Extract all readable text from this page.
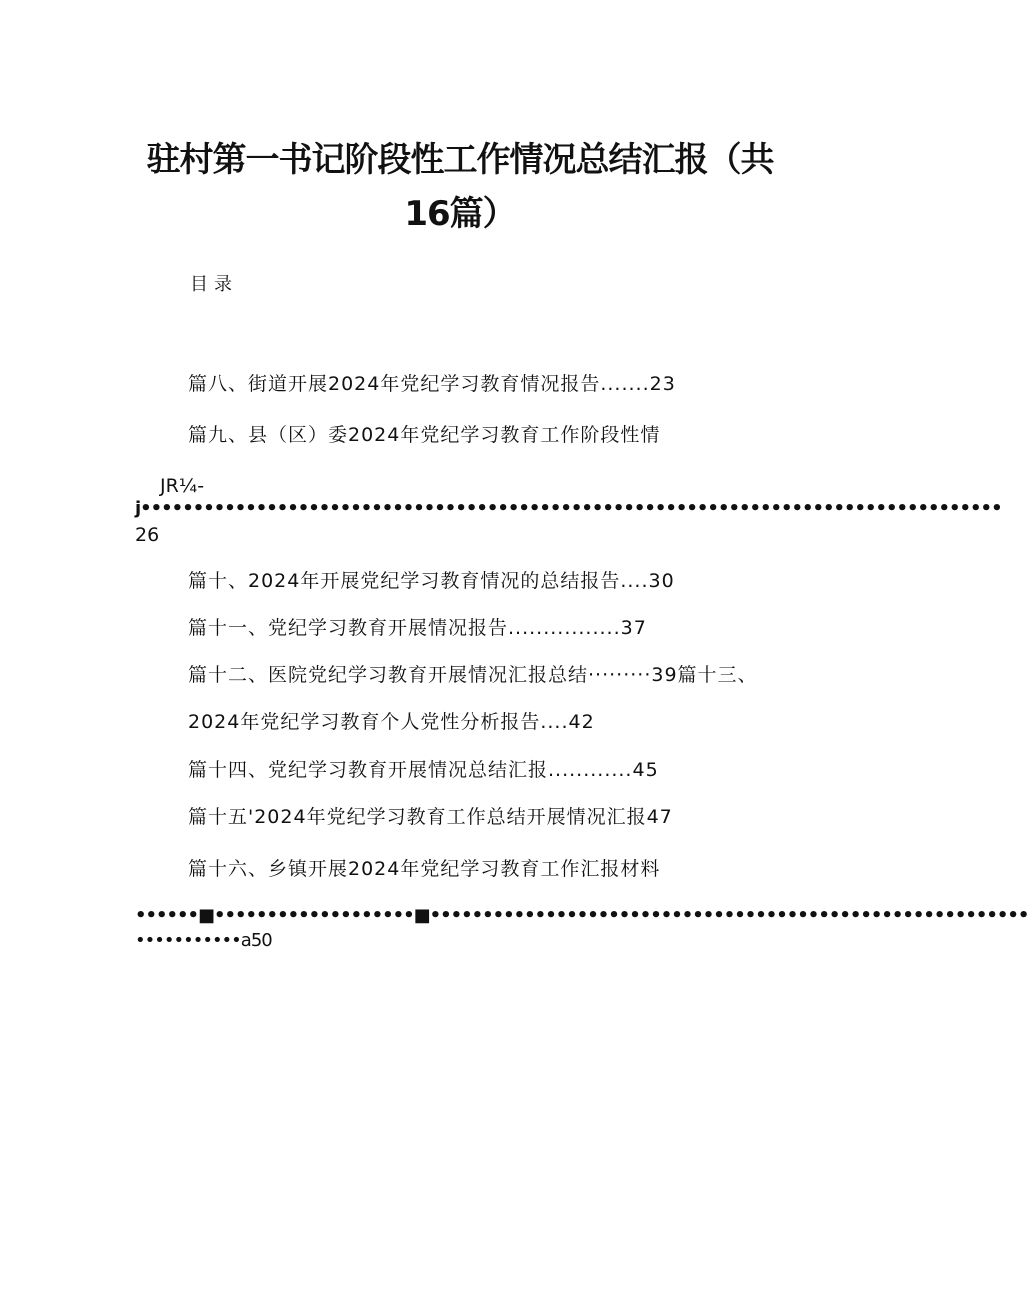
驻村第一书记阶段性工作情况总结汇报（共
16篇）
目录
篇八、街道开展2024年党纪学习教育情况报告.......23
篇九、县（区）委2024年党纪学习教育工作阶段性情
JR¼-
j••••••••••••••••••••••••••••••••••••••••••••••••••••••••••••••••••••••••••••••••••
26
篇十、2024年开展党纪学习教育情况的总结报告....30
篇十一、党纪学习教育开展情况报告................37
篇十二、医院党纪学习教育开展情况汇报总结·········39篇十三、
2024年党纪学习教育个人党性分析报告....42
篇十四、党纪学习教育开展情况总结汇报............45
篇十五'2024年党纪学习教育工作总结开展情况汇报47
篇十六、乡镇开展2024年党纪学习教育工作汇报材料
••••••■•••••••••••••••••••■•••••••••••••••••••••••••••••••••••••••••••••••••••••••••
•••••••••••a50
